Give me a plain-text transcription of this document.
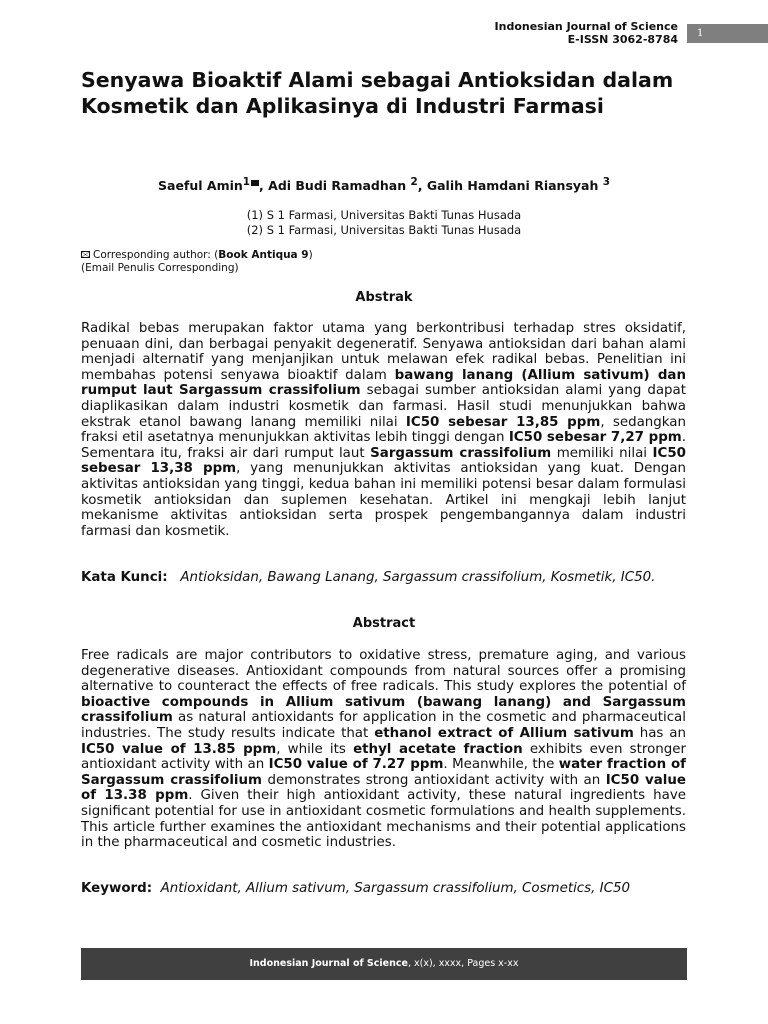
Indonesian Journal of Science
E-ISSN 3062-8784	1
Senyawa Bioaktif Alami sebagai Antioksidan dalam Kosmetik dan Aplikasinya di Industri Farmasi
Saeful Amin$^1$ , Adi Budi Ramadhan $^2$, Galih Hamdani Riansyah $^3$
(1) S 1 Farmasi, Universitas Bakti Tunas Husada
(2) S 1 Farmasi, Universitas Bakti Tunas Husada
Corresponding author: (Book Antiqua 9)
(Email Penulis Corresponding)
Abstrak

Radikal bebas merupakan faktor utama yang berkontribusi terhadap stres oksidatif, penuaan dini, dan berbagai penyakit degeneratif. Senyawa antioksidan dari bahan alami menjadi alternatif yang menjanjikan untuk melawan efek radikal bebas. Penelitian ini membahas potensi senyawa bioaktif dalam bawang lanang (Allium sativum) dan rumput laut Sargassum crassifolium sebagai sumber antioksidan alami yang dapat diaplikasikan dalam industri kosmetik dan farmasi. Hasil studi menunjukkan bahwa ekstrak etanol bawang lanang memiliki nilai IC50 sebesar 13,85 ppm, sedangkan fraksi etil asetatnya menunjukkan aktivitas lebih tinggi dengan IC50 sebesar 7,27 ppm. Sementara itu, fraksi air dari rumput laut Sargassum crassifolium memiliki nilai IC50 sebesar 13,38 ppm, yang menunjukkan aktivitas antioksidan yang kuat. Dengan aktivitas antioksidan yang tinggi, kedua bahan ini memiliki potensi besar dalam formulasi kosmetik antioksidan dan suplemen kesehatan. Artikel ini mengkaji lebih lanjut mekanisme aktivitas antioksidan serta prospek pengembangannya dalam industri farmasi dan kosmetik.

Kata Kunci: Antioksidan, Bawang Lanang, Sargassum crassifolium, Kosmetik, IC50.
Abstract

Free radicals are major contributors to oxidative stress, premature aging, and various degenerative diseases. Antioxidant compounds from natural sources offer a promising alternative to counteract the effects of free radicals. This study explores the potential of bioactive compounds in Allium sativum (bawang lanang) and Sargassum crassifolium as natural antioxidants for application in the cosmetic and pharmaceutical industries. The study results indicate that ethanol extract of Allium sativum has an IC50 value of 13.85 ppm, while its ethyl acetate fraction exhibits even stronger antioxidant activity with an IC50 value of 7.27 ppm. Meanwhile, the water fraction of Sargassum crassifolium demonstrates strong antioxidant activity with an IC50 value of 13.38 ppm. Given their high antioxidant activity, these natural ingredients have significant potential for use in antioxidant cosmetic formulations and health supplements. This article further examines the antioxidant mechanisms and their potential applications in the pharmaceutical and cosmetic industries.

Keyword: Antioxidant, Allium sativum, Sargassum crassifolium, Cosmetics, IC50
Indonesian Journal of Science, x(x), xxxx, Pages x-xx
